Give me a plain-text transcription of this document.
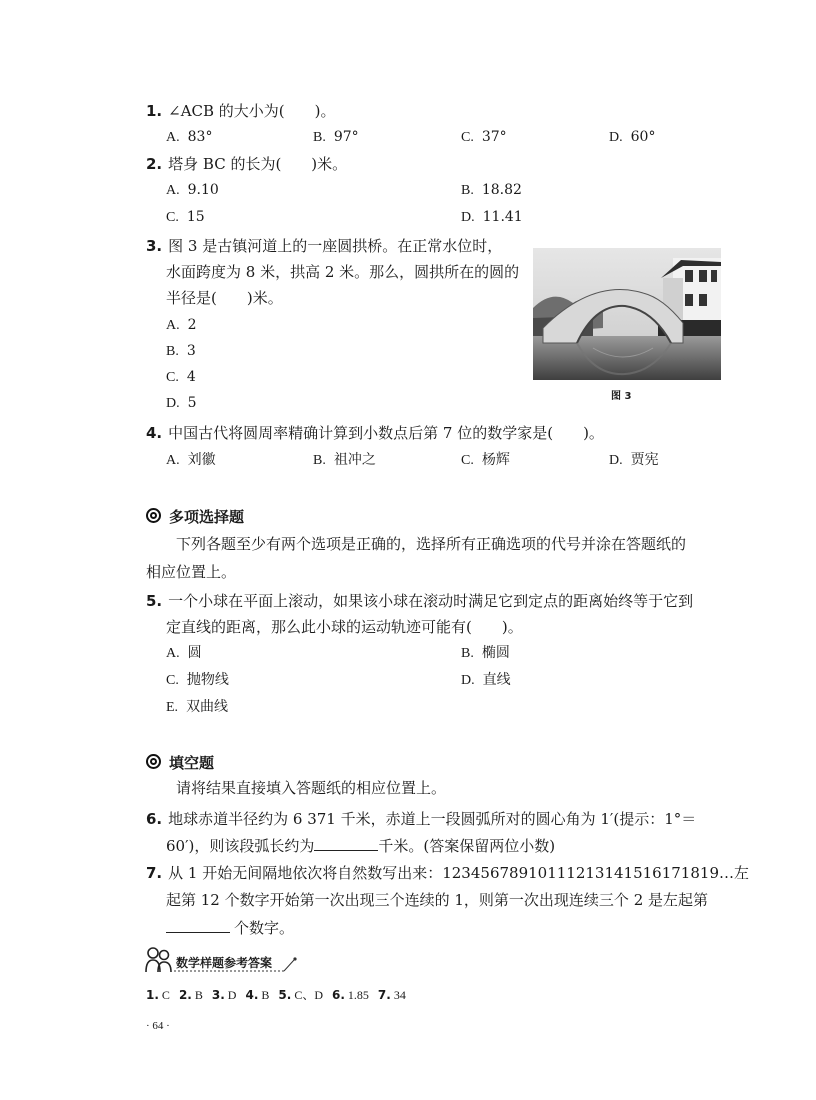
1. ∠ACB 的大小为(　　)。
A. 83°	B. 97°	C. 37°	D. 60°
2. 塔身 BC 的长为(　　)米。
A. 9.10	B. 18.82
C. 15	D. 11.41
3. 图 3 是古镇河道上的一座圆拱桥。在正常水位时，
水面跨度为 8 米，拱高 2 米。那么，圆拱所在的圆的
半径是(　　)米。
A. 2
B. 3
C. 4
D. 5	图 3
4. 中国古代将圆周率精确计算到小数点后第 7 位的数学家是(　　)。
A. 刘徽	B. 祖冲之	C. 杨辉	D. 贾宪
多项选择题
下列各题至少有两个选项是正确的，选择所有正确选项的代号并涂在答题纸的
相应位置上。
5. 一个小球在平面上滚动，如果该小球在滚动时满足它到定点的距离始终等于它到
定直线的距离，那么此小球的运动轨迹可能有(　　)。
A. 圆	B. 椭圆
C. 抛物线	D. 直线
E. 双曲线
填空题
请将结果直接填入答题纸的相应位置上。
6. 地球赤道半径约为 6 371 千米，赤道上一段圆弧所对的圆心角为 1′(提示：1°＝
60′)，则该段弧长约为	千米。(答案保留两位小数)
7. 从 1 开始无间隔地依次将自然数写出来：12345678910111213141516171819…左
起第 12 个数字开始第一次出现三个连续的 1，则第一次出现连续三个 2 是左起第
个数字。
数学样题参考答案
1. C 2. B 3. D 4. B 5. C、D 6. 1.85 7. 34
· 64 ·
